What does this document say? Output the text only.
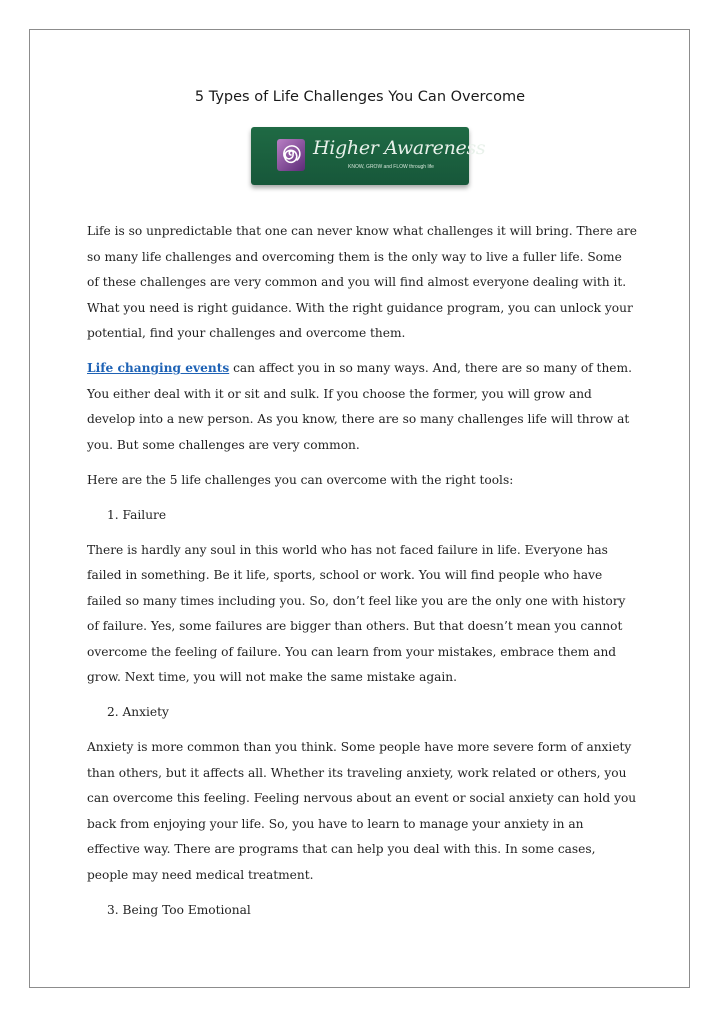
5 Types of Life Challenges You Can Overcome
Higher Awareness
KNOW, GROW and FLOW through life

Life is so unpredictable that one can never know what challenges it will bring. There are so many life challenges and overcoming them is the only way to live a fuller life. Some of these challenges are very common and you will find almost everyone dealing with it. What you need is right guidance. With the right guidance program, you can unlock your potential, find your challenges and overcome them.

Life changing events can affect you in so many ways. And, there are so many of them. You either deal with it or sit and sulk. If you choose the former, you will grow and develop into a new person. As you know, there are so many challenges life will throw at you. But some challenges are very common.

Here are the 5 life challenges you can overcome with the right tools:

1. Failure

There is hardly any soul in this world who has not faced failure in life. Everyone has failed in something. Be it life, sports, school or work. You will find people who have failed so many times including you. So, don’t feel like you are the only one with history of failure. Yes, some failures are bigger than others. But that doesn’t mean you cannot overcome the feeling of failure. You can learn from your mistakes, embrace them and grow. Next time, you will not make the same mistake again.

2. Anxiety

Anxiety is more common than you think. Some people have more severe form of anxiety than others, but it affects all. Whether its traveling anxiety, work related or others, you can overcome this feeling. Feeling nervous about an event or social anxiety can hold you back from enjoying your life. So, you have to learn to manage your anxiety in an effective way. There are programs that can help you deal with this. In some cases, people may need medical treatment.

3. Being Too Emotional
